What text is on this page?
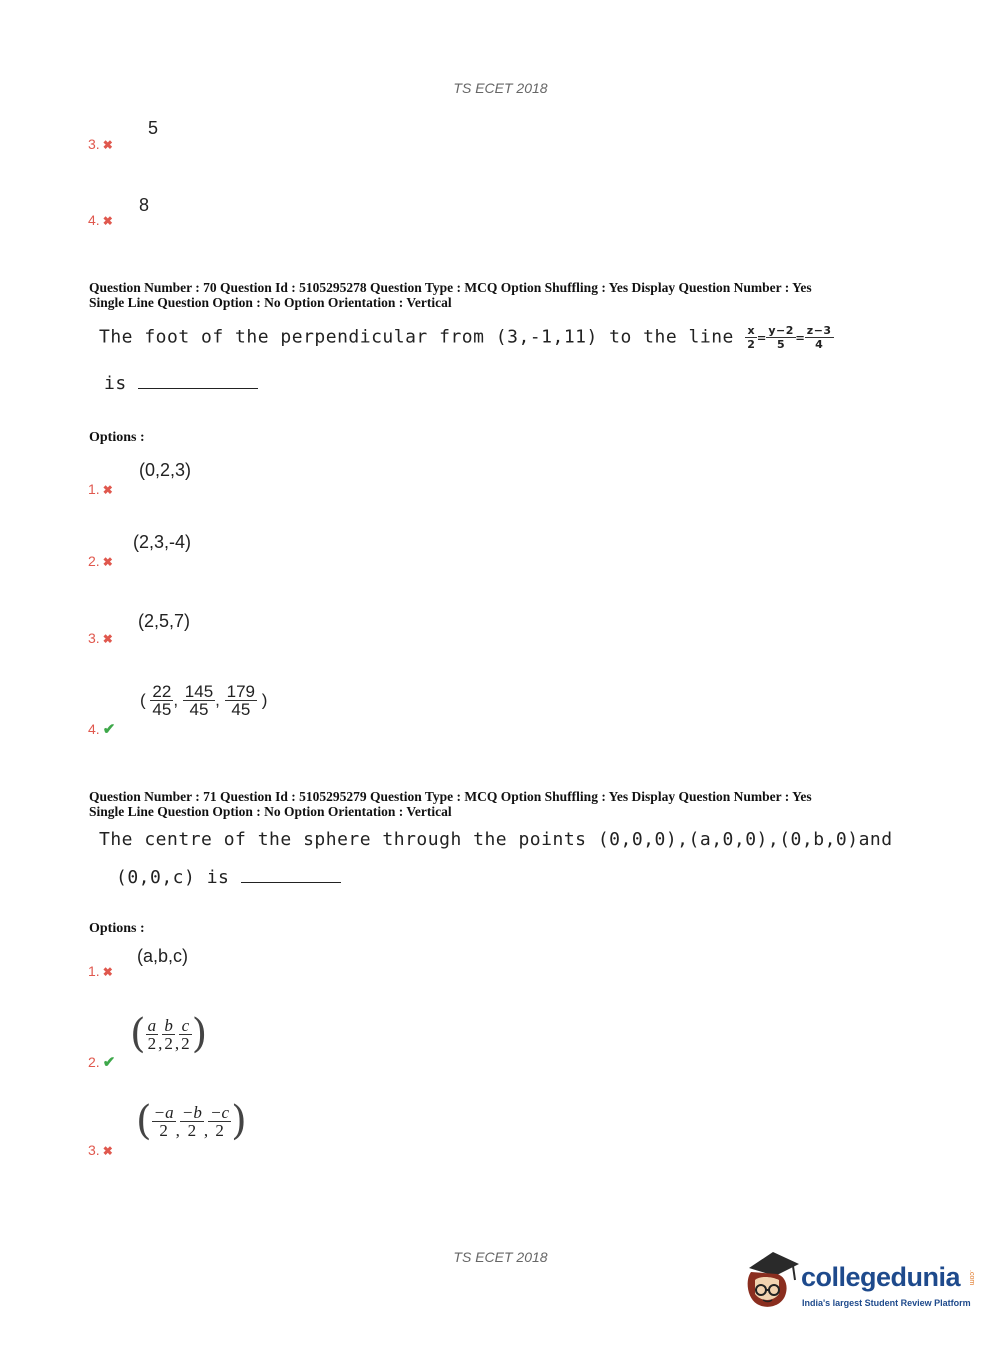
TS ECET 2018
3. ✖
5
4. ✖
8
Question Number : 70 Question Id : 5105295278 Question Type : MCQ Option Shuffling : Yes Display Question Number : Yes
Single Line Question Option : No Option Orientation : Vertical
The foot of the perpendicular from (3,-1,11) to the line $\frac{x}{2} = \frac{y-2}{5} = \frac{z-3}{4}$
is
Options :
1. ✖
(0,2,3)
2. ✖
(2,3,-4)
3. ✖
(2,5,7)
4. ✔
( $\frac{22}{45}$ , $\frac{145}{45}$ , $\frac{179}{45}$ )
Question Number : 71 Question Id : 5105295279 Question Type : MCQ Option Shuffling : Yes Display Question Number : Yes
Single Line Question Option : No Option Orientation : Vertical
The centre of the sphere through the points (0,0,0),(a,0,0),(0,b,0)and
(0,0,c) is
Options :
1. ✖
(a,b,c)
2. ✔
( $\frac{a}{2}$ , $\frac{b}{2}$ , $\frac{c}{2}$ )
3. ✖
( $\frac{-a}{2}$ , $\frac{-b}{2}$ , $\frac{-c}{2}$ )
TS ECET 2018
collegedunia .com
India's largest Student Review Platform
